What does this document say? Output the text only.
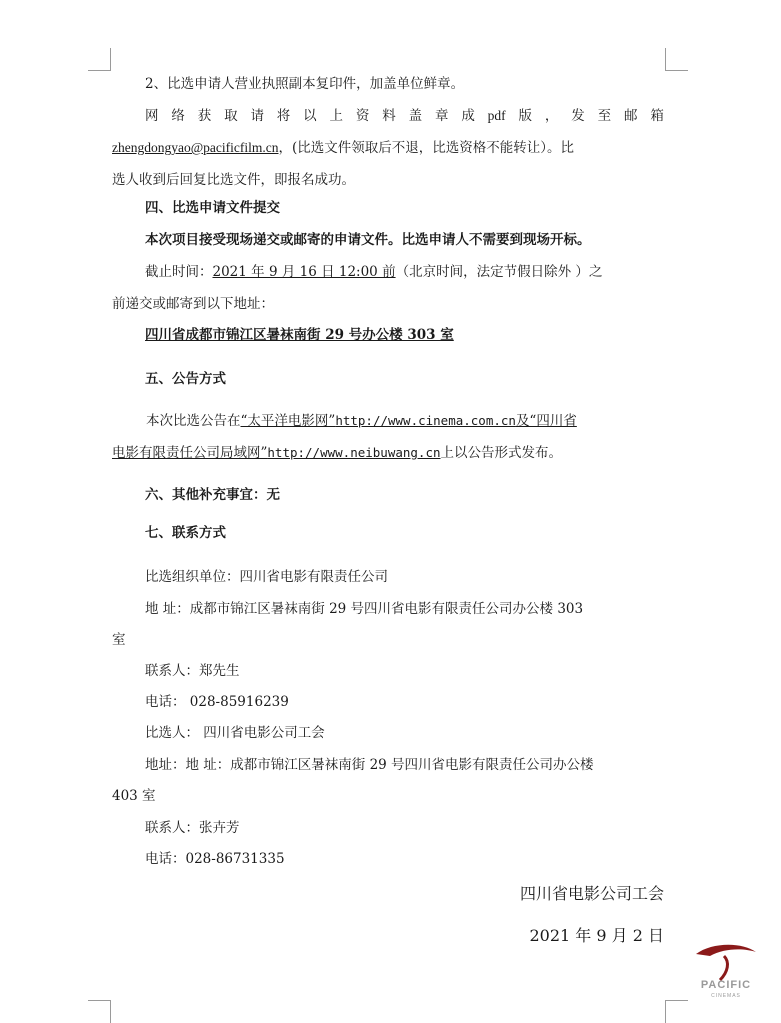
2、比选申请人营业执照副本复印件，加盖单位鲜章。
网 络 获 取 请 将 以 上 资 料 盖 章 成 pdf 版 ， 发 至 邮 箱
zhengdongyao@pacificfilm.cn，(比选文件领取后不退，比选资格不能转让）。比
选人收到后回复比选文件，即报名成功。
四、比选申请文件提交
本次项目接受现场递交或邮寄的申请文件。比选申请人不需要到现场开标。
截止时间：2021 年 9 月 16 日 12:00 前（北京时间，法定节假日除外 ）之
前递交或邮寄到以下地址：
四川省成都市锦江区暑袜南街 29 号办公楼 303 室
五、公告方式
本次比选公告在“太平洋电影网”http://www.cinema.com.cn及“四川省
电影有限责任公司局域网”http://www.neibuwang.cn上以公告形式发布。
六、其他补充事宜：无
七、联系方式
比选组织单位：四川省电影有限责任公司
地 址：成都市锦江区暑袜南街 29 号四川省电影有限责任公司办公楼 303
室
联系人：郑先生
电话： 028-85916239
比选人： 四川省电影公司工会
地址：地 址：成都市锦江区暑袜南街 29 号四川省电影有限责任公司办公楼
403 室
联系人：张卉芳
电话：028-86731335
四川省电影公司工会
2021 年 9 月 2 日
PACIFIC
CINEMAS
